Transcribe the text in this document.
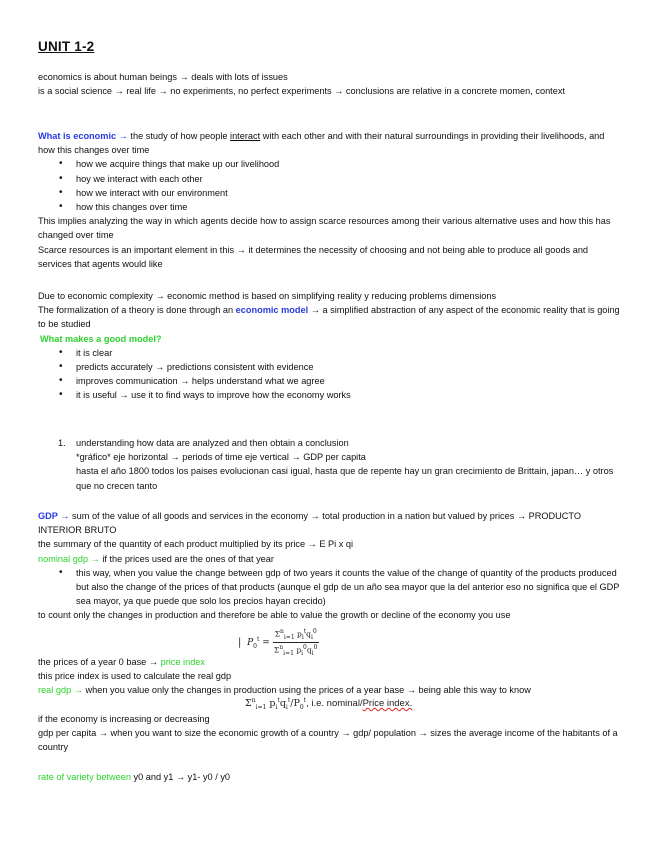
UNIT 1-2

economics is about human beings → deals with lots of issues

is a social science → real life → no experiments, no perfect experiments → conclusions are relative in a concrete momen, context

What is economic → the study of how people interact with each other and with their natural surroundings in providing their livelihoods, and how this changes over time

• how we acquire things that make up our livelihood
• hoy we interact with each other
• how we interact with our environment
• how this changes over time

This implies analyzing the way in which agents decide how to assign scarce resources among their various alternative uses and how this has changed over time

Scarce resources is an important element in this → it determines the necessity of choosing and not being able to produce all goods and services that agents would like

Due to economic complexity → economic method is based on simplifying reality y reducing problems dimensions

The formalization of a theory is done through an economic model → a simplified abstraction of any aspect of the economic reality that is going to be studied

What makes a good model?

• it is clear
• predicts accurately → predictions consistent with evidence
• improves communication → helps understand what we agree
• it is useful → use it to find ways to improve how the economy works
1. understanding how data are analyzed and then obtain a conclusion

*gráfico* eje horizontal → periods of time eje vertical → GDP per capita

hasta el año 1800 todos los paises evolucionan casi igual, hasta que de repente hay un gran crecimiento de Brittain, japan… y otros que no crecen tanto

GDP → sum of the value of all goods and services in the economy → total production in a nation but valued by prices → PRODUCTO INTERIOR BRUTO

the summary of the quantity of each product multiplied by its price → E Pi x qi

nominal gdp → if the prices used are the ones of that year

• this way, when you value the change between gdp of two years it counts the value of the change of quantity of the products produced but also the change of the prices of that products (aunque el gdp de un año sea mayor que la del anterior eso no significa que el GDP sea mayor, ya que puede que solo los precios hayan crecido)

to count only the changes in production and therefore be able to value the growth or decline of the economy you use

| $P_0^t = \frac{\Sigma^n_{i=1} p_i^tq_i^0}{\Sigma^n_{i=1} p_i^0q_i^0}$

the prices of a year 0 base → price index

this price index is used to calculate the real gdp

real gdp → when you value only the changes in production using the prices of a year base → being able this way to know

$\Sigma^n_{i=1}$ $p_i^tq_i^t/P_0^t$, i.e. nominal/Price index.

if the economy is increasing or decreasing

gdp per capita → when you want to size the economic growth of a country → gdp/ population → sizes the average income of the habitants of a country

rate of variety between y0 and y1 → y1- y0 / y0
